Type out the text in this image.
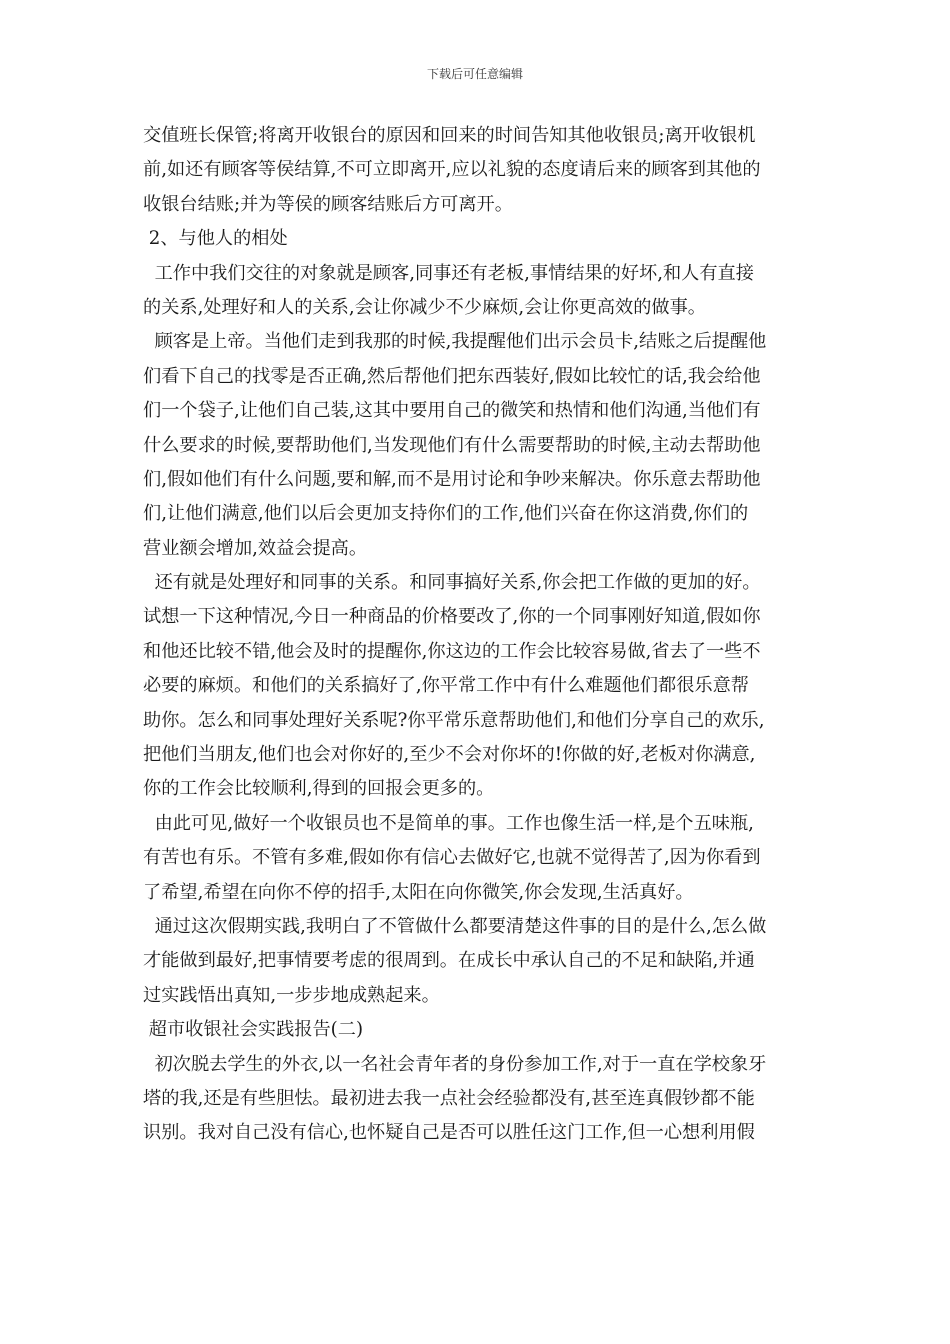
下载后可任意编辑
交值班长保管;将离开收银台的原因和回来的时间告知其他收银员;离开收银机
前,如还有顾客等侯结算,不可立即离开,应以礼貌的态度请后来的顾客到其他的
收银台结账;并为等侯的顾客结账后方可离开。
2、与他人的相处
工作中我们交往的对象就是顾客,同事还有老板,事情结果的好坏,和人有直接
的关系,处理好和人的关系,会让你减少不少麻烦,会让你更高效的做事。
顾客是上帝。当他们走到我那的时候,我提醒他们出示会员卡,结账之后提醒他
们看下自己的找零是否正确,然后帮他们把东西装好,假如比较忙的话,我会给他
们一个袋子,让他们自己装,这其中要用自己的微笑和热情和他们沟通,当他们有
什么要求的时候,要帮助他们,当发现他们有什么需要帮助的时候,主动去帮助他
们,假如他们有什么问题,要和解,而不是用讨论和争吵来解决。你乐意去帮助他
们,让他们满意,他们以后会更加支持你们的工作,他们兴奋在你这消费,你们的
营业额会增加,效益会提高。
还有就是处理好和同事的关系。和同事搞好关系,你会把工作做的更加的好。
试想一下这种情况,今日一种商品的价格要改了,你的一个同事刚好知道,假如你
和他还比较不错,他会及时的提醒你,你这边的工作会比较容易做,省去了一些不
必要的麻烦。和他们的关系搞好了,你平常工作中有什么难题他们都很乐意帮
助你。怎么和同事处理好关系呢?你平常乐意帮助他们,和他们分享自己的欢乐,
把他们当朋友,他们也会对你好的,至少不会对你坏的!你做的好,老板对你满意,
你的工作会比较顺利,得到的回报会更多的。
由此可见,做好一个收银员也不是简单的事。工作也像生活一样,是个五味瓶,
有苦也有乐。不管有多难,假如你有信心去做好它,也就不觉得苦了,因为你看到
了希望,希望在向你不停的招手,太阳在向你微笑,你会发现,生活真好。
通过这次假期实践,我明白了不管做什么都要清楚这件事的目的是什么,怎么做
才能做到最好,把事情要考虑的很周到。在成长中承认自己的不足和缺陷,并通
过实践悟出真知,一步步地成熟起来。
超市收银社会实践报告(二)
初次脱去学生的外衣,以一名社会青年者的身份参加工作,对于一直在学校象牙
塔的我,还是有些胆怯。最初进去我一点社会经验都没有,甚至连真假钞都不能
识别。我对自己没有信心,也怀疑自己是否可以胜任这门工作,但一心想利用假
